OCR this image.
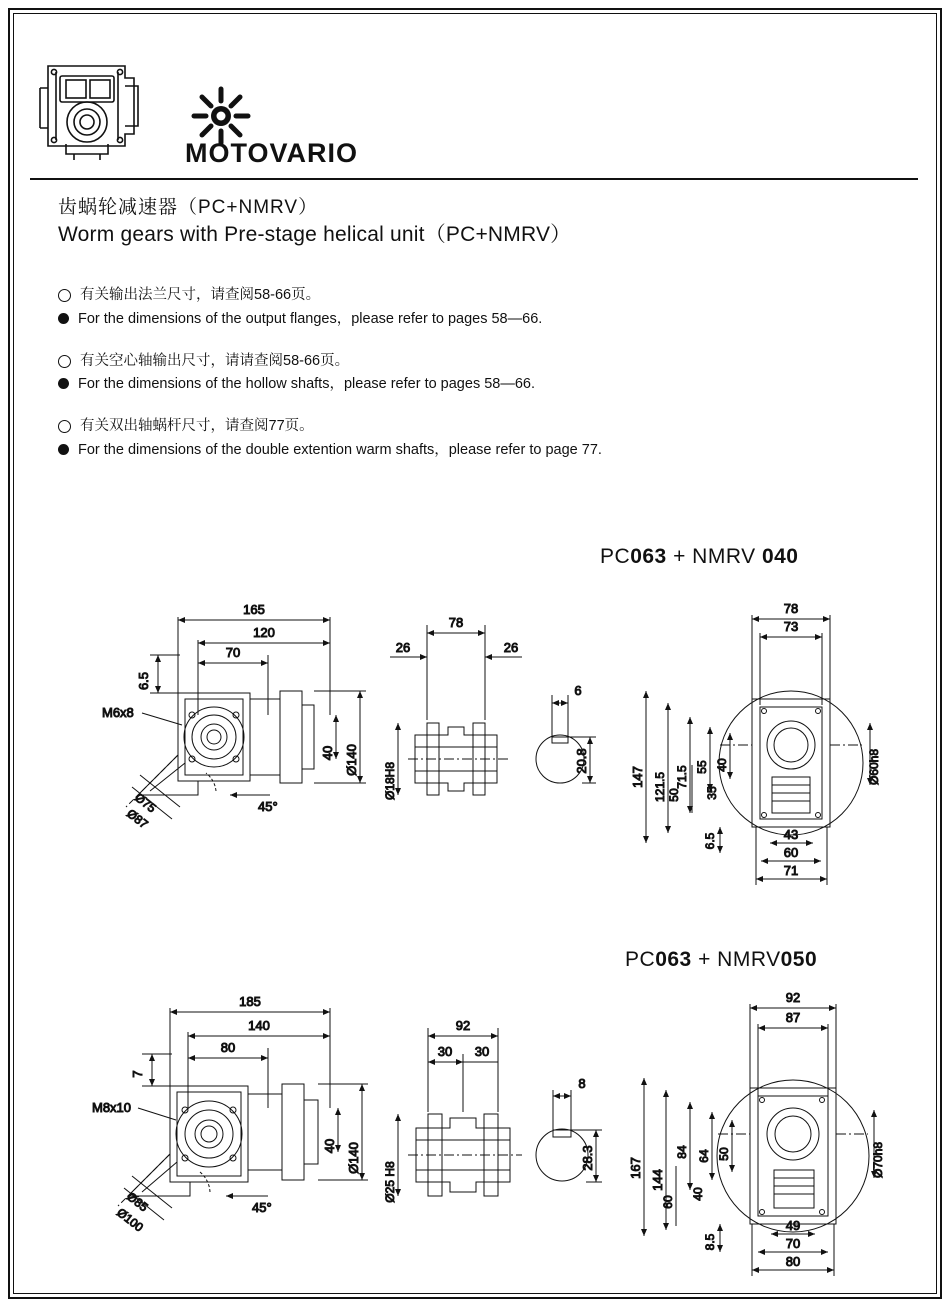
MOTOVARIO
齿蜗轮减速器（PC+NMRV）
Worm gears with Pre-stage helical unit（PC+NMRV）
有关输出法兰尺寸，请查阅58-66页。
For the dimensions of the output flanges，please refer to pages 58—66.
有关空心轴输出尺寸，请请查阅58-66页。
For the dimensions of the hollow shafts，please refer to pages 58—66.
有关双出轴蜗杆尺寸，请查阅77页。
For the dimensions of the double extention warm shafts，please refer to page 77.
PC063 + NMRV 040
165
120
70
6.5
45°
M6x8
Ø75
Ø87
40 Ø140
78
26	26
Ø18H8
6
20.8
78
73
Ø60h8
147 121.5 71.5 55 40
50 35
6.5	43
60
71
PC063 + NMRV050
185
140
80
7
45°
M8x10
Ø85
Ø100
40 Ø140
92
30 30
Ø25 H8
8
28.3
92
87
Ø70h8
167
144
84 64 50
60
40
8.5
49
70
80
